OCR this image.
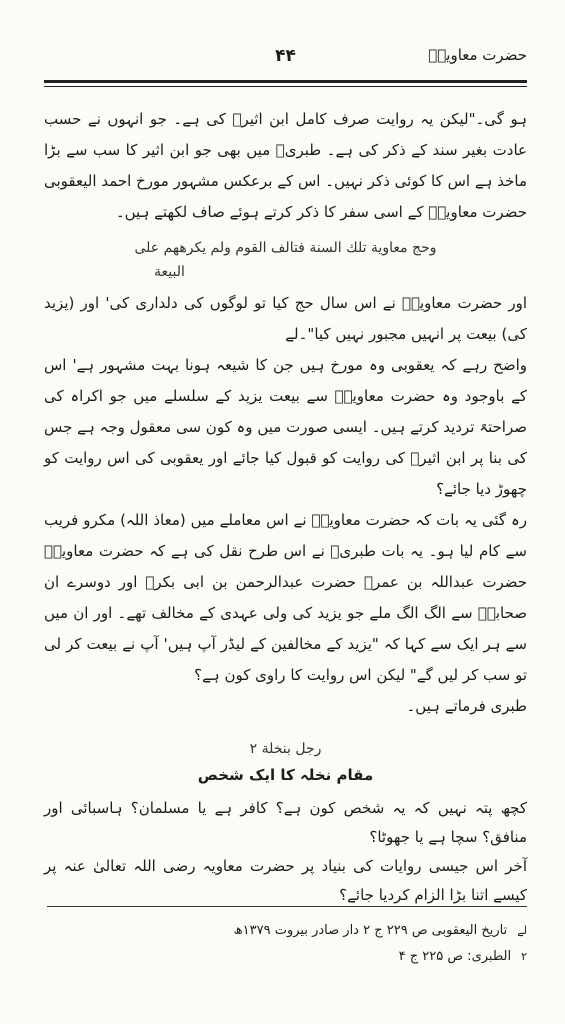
۴۴	حضرت معاویہؓ

ہو گی۔"لیکن یہ روایت صرف کامل ابن اثیرؒ کی ہے۔ جو انہوں نے حسب عادت بغیر سند کے ذکر کی ہے۔ طبریؒ میں بھی جو ابن اثیر کا سب سے بڑا ماخذ ہے اس کا کوئی ذکر نہیں۔ اس کے برعکس مشہور مورخ احمد الیعقوبی حضرت معاویہؓ کے اسی سفر کا ذکر کرتے ہوئے صاف لکھتے ہیں۔

وحج معاوية تلك السنة فتالف القوم ولم يكرههم على
البيعة

اور حضرت معاویہؓ نے اس سال حج کیا تو لوگوں کی دلداری کی' اور (یزید کی) بیعت پر انہیں مجبور نہیں کیا"۔لے

واضح رہے کہ یعقوبی وہ مورخ ہیں جن کا شیعہ ہونا بہت مشہور ہے' اس کے باوجود وہ حضرت معاویہؓ سے بیعت یزید کے سلسلے میں جو اکراہ کی صراحتہً تردید کرتے ہیں۔ ایسی صورت میں وہ کون سی معقول وجہ ہے جس کی بنا پر ابن اثیرؒ کی روایت کو قبول کیا جائے اور یعقوبی کی اس روایت کو چھوڑ دیا جائے؟

رہ گئی یہ بات کہ حضرت معاویہؓ نے اس معاملے میں (معاذ اللہ) مکرو فریب سے کام لیا ہو۔ یہ بات طبریؒ نے اس طرح نقل کی ہے کہ حضرت معاویہؓ حضرت عبداللہ بن عمرؓ حضرت عبدالرحمن بن ابی بکرؓ اور دوسرے ان صحابہؓ سے الگ الگ ملے جو یزید کی ولی عہدی کے مخالف تھے۔ اور ان میں سے ہر ایک سے کہا کہ "یزید کے مخالفین کے لیڈر آپ ہیں' آپ نے بیعت کر لی تو سب کر لیں گے" لیکن اس روایت کا راوی کون ہے؟

طبری فرماتے ہیں۔

رجل بنخلة ۲
مقام نخلہ کا ایک شخص

کچھ پتہ نہیں کہ یہ شخص کون ہے؟ کافر ہے یا مسلمان؟ ہاسبائی اور منافق؟ سچا ہے یا جھوٹا؟

آخر اس جیسی روایات کی بنیاد پر حضرت معاویہ رضی اللہ تعالیٰ عنہ پر کیسے اتنا بڑا الزام کردیا جائے؟

لے
تاریخ الیعقوبی ص ۲۲۹ ج ۲ دار صادر بیروت ۱۳۷۹ھ
۲
الطبری: ص ۲۲۵ ج ۴
